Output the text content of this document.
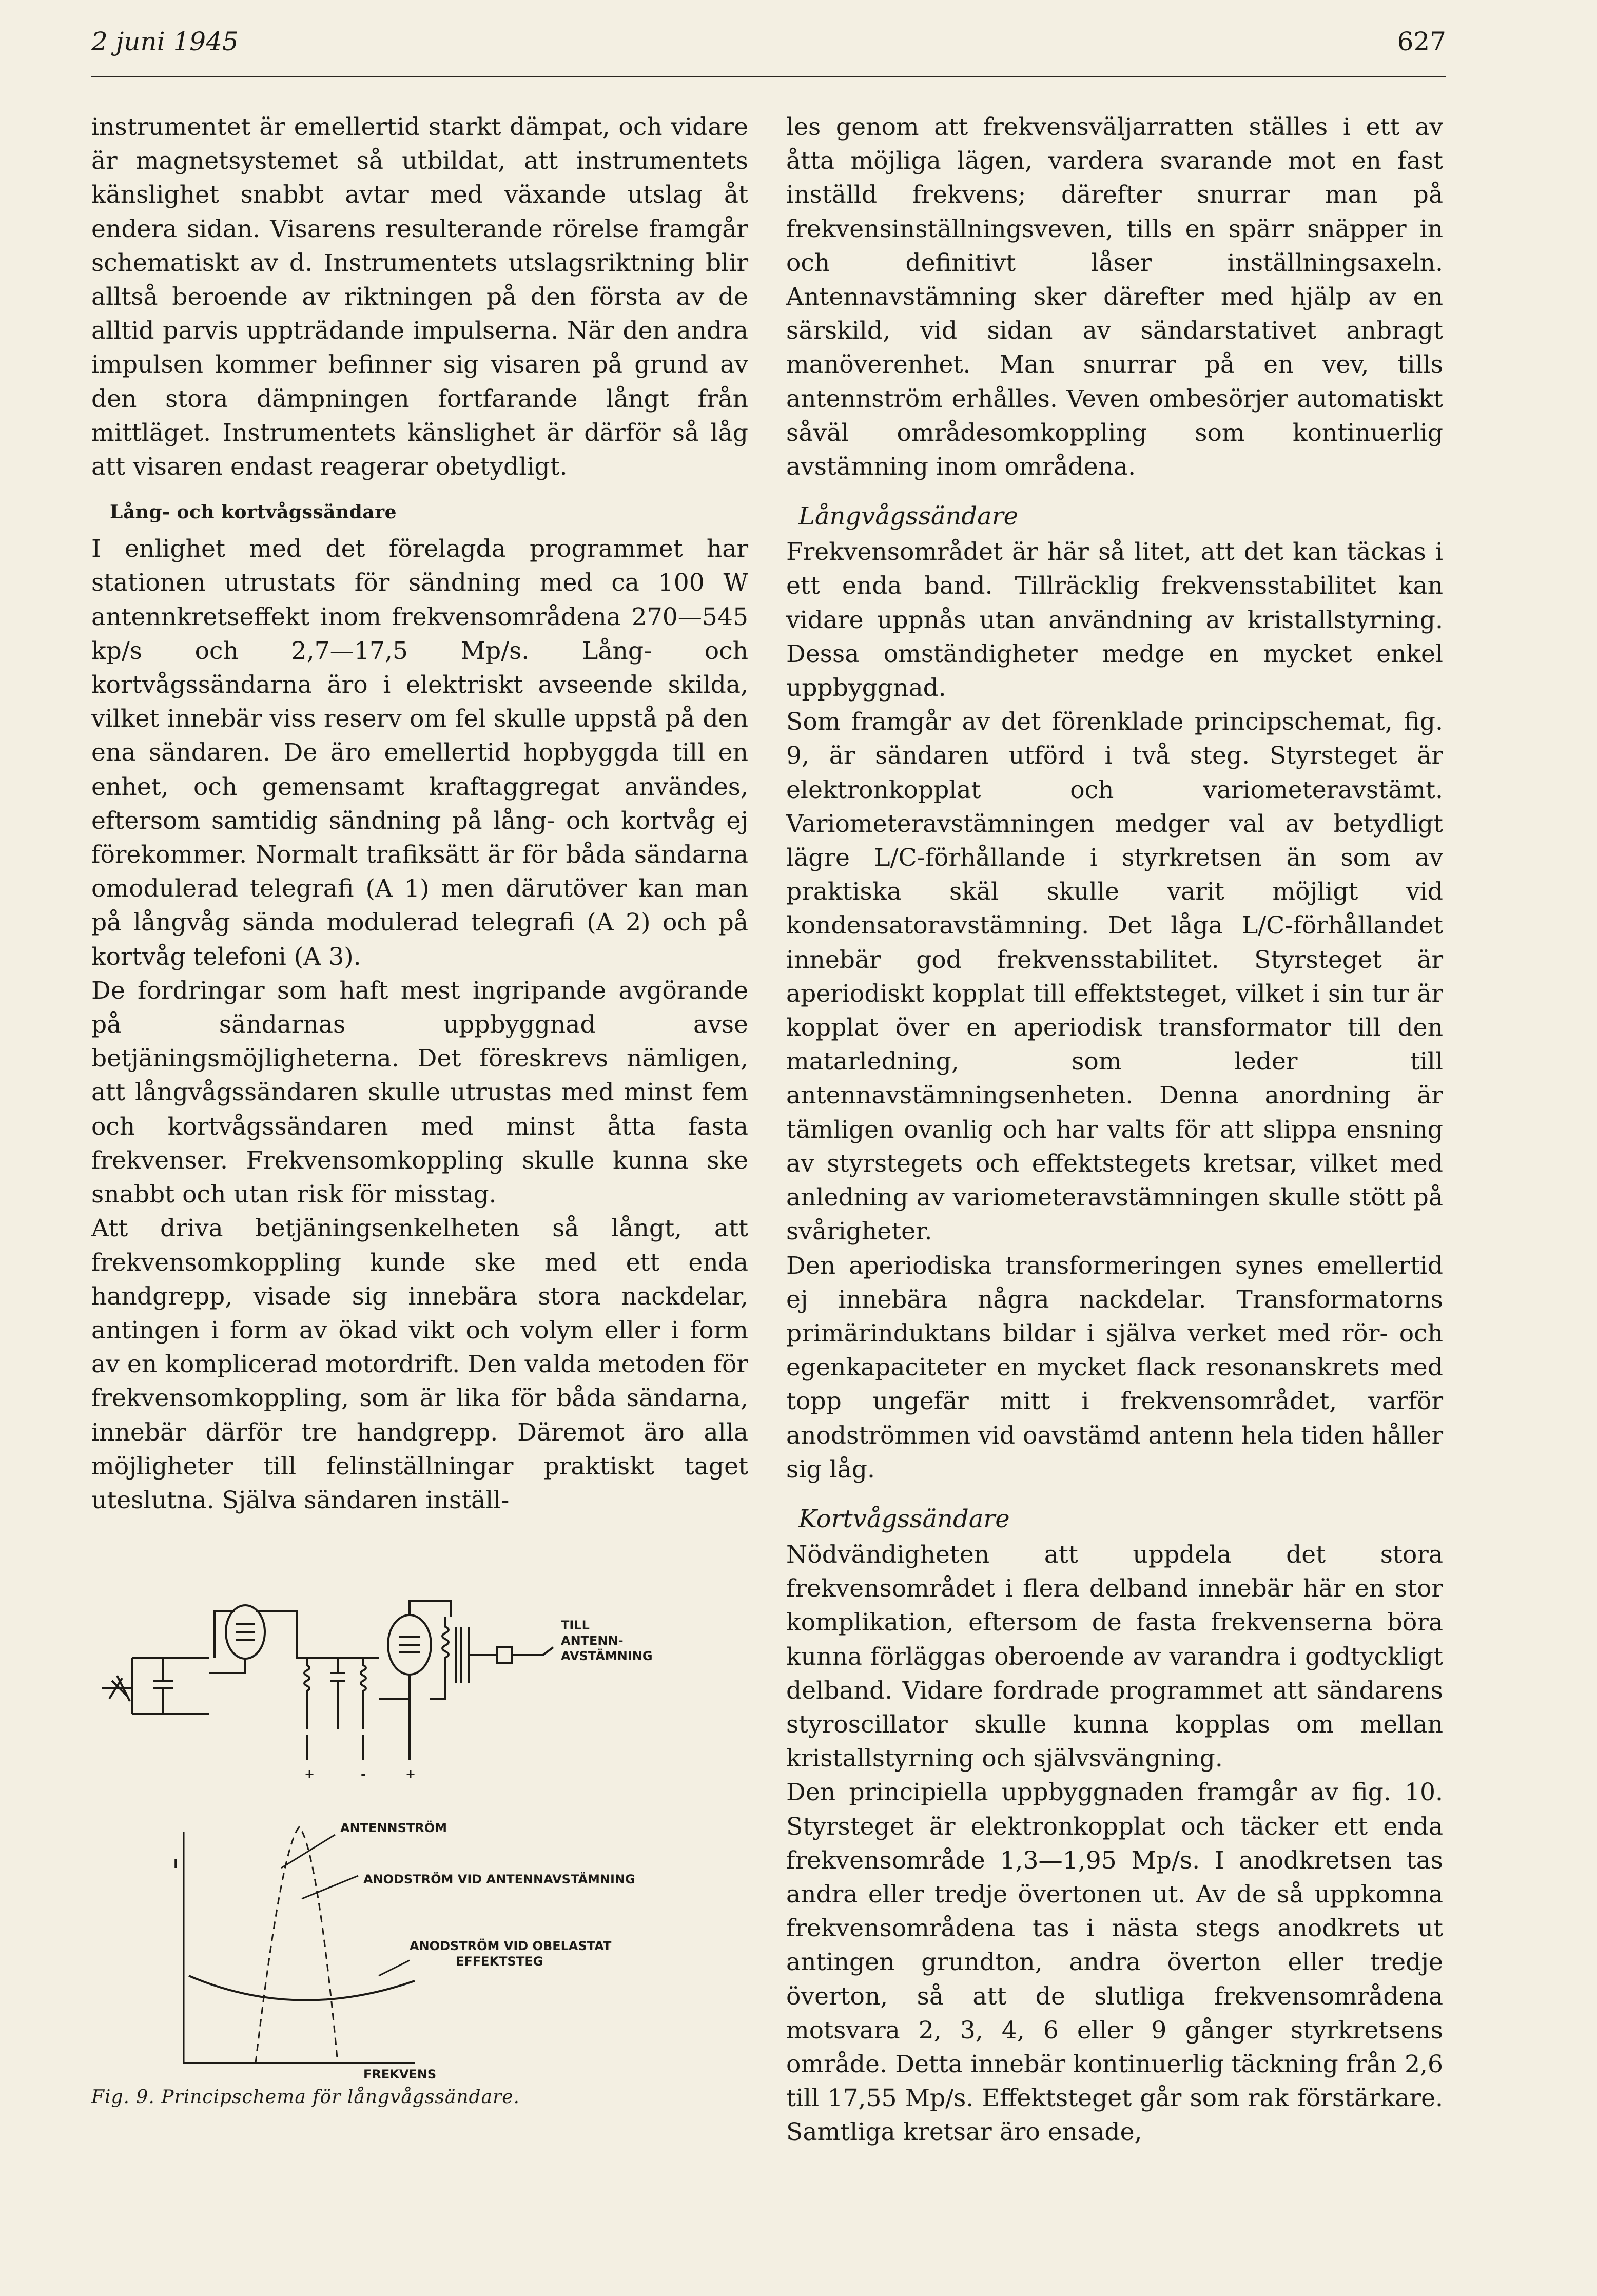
2 juni 1945	627

instrumentet är emellertid starkt dämpat, och vidare är magnetsystemet så utbildat, att instrumentets känslighet snabbt avtar med växande utslag åt endera sidan. Visarens resulterande rörelse framgår schematiskt av d. Instrumentets utslagsriktning blir alltså beroende av riktningen på den första av de alltid parvis uppträdande impulserna. När den andra impulsen kommer befinner sig visaren på grund av den stora dämpningen fortfarande långt från mittläget. Instrumentets känslighet är därför så låg att visaren endast reagerar obetydligt.

Lång- och kortvågssändare

I enlighet med det förelagda programmet har stationen utrustats för sändning med ca 100 W antennkretseffekt inom frekvensområdena 270—545 kp/s och 2,7—17,5 Mp/s. Lång- och kortvågssändarna äro i elektriskt avseende skilda, vilket innebär viss reserv om fel skulle uppstå på den ena sändaren. De äro emellertid hopbyggda till en enhet, och gemensamt kraftaggregat användes, eftersom samtidig sändning på lång- och kortvåg ej förekommer. Normalt trafiksätt är för båda sändarna omodulerad telegrafi (A 1) men därutöver kan man på långvåg sända modulerad telegrafi (A 2) och på kortvåg telefoni (A 3).

De fordringar som haft mest ingripande avgörande på sändarnas uppbyggnad avse betjäningsmöjligheterna. Det föreskrevs nämligen, att långvågssändaren skulle utrustas med minst fem och kortvågssändaren med minst åtta fasta frekvenser. Frekvensomkoppling skulle kunna ske snabbt och utan risk för misstag.

Att driva betjäningsenkelheten så långt, att frekvensomkoppling kunde ske med ett enda handgrepp, visade sig innebära stora nackdelar, antingen i form av ökad vikt och volym eller i form av en komplicerad motordrift. Den valda metoden för frekvensomkoppling, som är lika för båda sändarna, innebär därför tre handgrepp. Däremot äro alla möjligheter till felinställningar praktiskt taget uteslutna. Själva sändaren inställ-

les genom att frekvensväljarratten ställes i ett av åtta möjliga lägen, vardera svarande mot en fast inställd frekvens; därefter snurrar man på frekvensinställningsveven, tills en spärr snäpper in och definitivt låser inställningsaxeln. Antennavstämning sker därefter med hjälp av en särskild, vid sidan av sändarstativet anbragt manöverenhet. Man snurrar på en vev, tills antennström erhålles. Veven ombesörjer automatiskt såväl områdesomkoppling som kontinuerlig avstämning inom områdena.

Långvågssändare

Frekvensområdet är här så litet, att det kan täckas i ett enda band. Tillräcklig frekvensstabilitet kan vidare uppnås utan användning av kristallstyrning. Dessa omständigheter medge en mycket enkel uppbyggnad.

Som framgår av det förenklade principschemat, fig. 9, är sändaren utförd i två steg. Styrsteget är elektronkopplat och variometeravstämt. Variometeravstämningen medger val av betydligt lägre L/C-förhållande i styrkretsen än som av praktiska skäl skulle varit möjligt vid kondensatoravstämning. Det låga L/C-förhållandet innebär god frekvensstabilitet. Styrsteget är aperiodiskt kopplat till effektsteget, vilket i sin tur är kopplat över en aperiodisk transformator till den matarledning, som leder till antennavstämningsenheten. Denna anordning är tämligen ovanlig och har valts för att slippa ensning av styrstegets och effektstegets kretsar, vilket med anledning av variometeravstämningen skulle stött på svårigheter.

Den aperiodiska transformeringen synes emellertid ej innebära några nackdelar. Transformatorns primärinduktans bildar i själva verket med rör- och egenkapaciteter en mycket flack resonanskrets med topp ungefär mitt i frekvensområdet, varför anodströmmen vid oavstämd antenn hela tiden håller sig låg.

Kortvågssändare

Nödvändigheten att uppdela det stora frekvensområdet i flera delband innebär här en stor komplikation, eftersom de fasta frekvenserna böra kunna förläggas oberoende av varandra i godtyckligt delband. Vidare fordrade programmet att sändarens styroscillator skulle kunna kopplas om mellan kristallstyrning och självsvängning.

Den principiella uppbyggnaden framgår av fig. 10. Styrsteget är elektronkopplat och täcker ett enda frekvensområde 1,3—1,95 Mp/s. I anodkretsen tas andra eller tredje övertonen ut. Av de så uppkomna frekvensområdena tas i nästa stegs anodkrets ut antingen grundton, andra överton eller tredje överton, så att de slutliga frekvensområdena motsvara 2, 3, 4, 6 eller 9 gånger styrkretsens område. Detta innebär kontinuerlig täckning från 2,6 till 17,55 Mp/s. Effektsteget går som rak förstärkare. Samtliga kretsar äro ensade,

TILL
ANTENN-
AVSTÄMNING
+	-	+
I
ANTENNSTRÖM
ANODSTRÖM VID ANTENNAVSTÄMNING
ANODSTRÖM VID OBELASTAT
EFFEKTSTEG
FREKVENS
Fig. 9. Principschema för långvågssändare.
